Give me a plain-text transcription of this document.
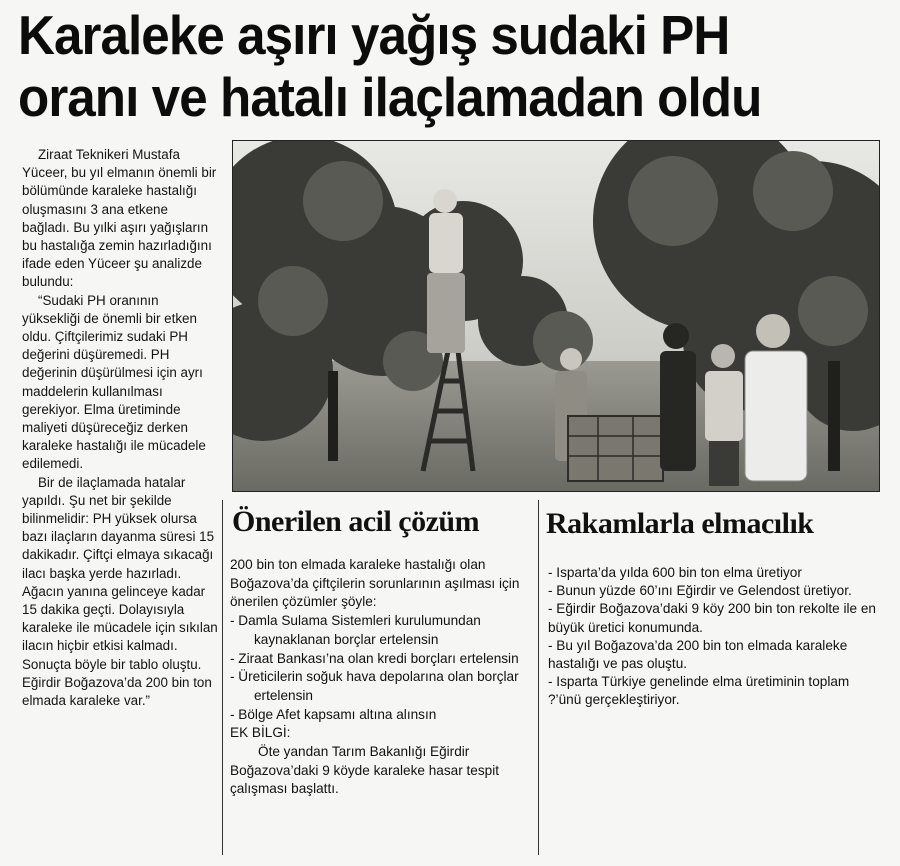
Karaleke aşırı yağış sudaki PH
oranı ve hatalı ilaçlamadan oldu

Ziraat Teknikeri Mustafa Yüceer, bu yıl elmanın önemli bir bölümünde karaleke hastalığı oluşmasını 3 ana etkene bağladı. Bu yılki aşırı yağışların bu hastalığa zemin hazırladığını ifade eden Yüceer şu analizde bulundu:

“Sudaki PH oranının yüksekliği de önemli bir etken oldu. Çiftçilerimiz sudaki PH değerini düşüremedi. PH değerinin düşürülmesi için ayrı maddelerin kullanılması gerekiyor. Elma üretiminde maliyeti düşüreceğiz derken karaleke hastalığı ile mücadele edilemedi.

Bir de ilaçlamada hatalar yapıldı. Şu net bir şekilde bilinmelidir: PH yüksek olursa bazı ilaçların dayanma süresi 15 dakikadır. Çiftçi elmaya sıkacağı ilacı başka yerde hazırladı. Ağacın yanına gelinceye kadar 15 dakika geçti. Dolayısıyla karaleke ile mücadele için sıkılan ilacın hiçbir etkisi kalmadı. Sonuçta böyle bir tablo oluştu. Eğirdir Boğazova’da 200 bin ton elmada karaleke var.”

Önerilen acil çözüm Rakamlarla elmacılık

200 bin ton elmada karaleke hastalığı olan Boğazova’da çiftçilerin sorunlarının aşılması için önerilen çözümler şöyle:

- Damla Sulama Sistemleri kurulumundan kaynaklanan borçlar ertelensin

- Ziraat Bankası’na olan kredi borçları ertelensin

- Üreticilerin soğuk hava depolarına olan borçlar ertelensin

- Bölge Afet kapsamı altına alınsın

EK BİLGİ:

Öte yandan Tarım Bakanlığı Eğirdir Boğazova’daki 9 köyde karaleke hasar tespit çalışması başlattı.

- Isparta’da yılda 600 bin ton elma üretiyor
- Bunun yüzde 60’ını Eğirdir ve Gelendost üretiyor.
- Eğirdir Boğazova’daki 9 köy 200 bin ton rekolte ile en büyük üretici konumunda.
- Bu yıl Boğazova’da 200 bin ton elmada karaleke hastalığı ve pas oluştu.
- Isparta Türkiye genelinde elma üretiminin toplam ?’ünü gerçekleştiriyor.
